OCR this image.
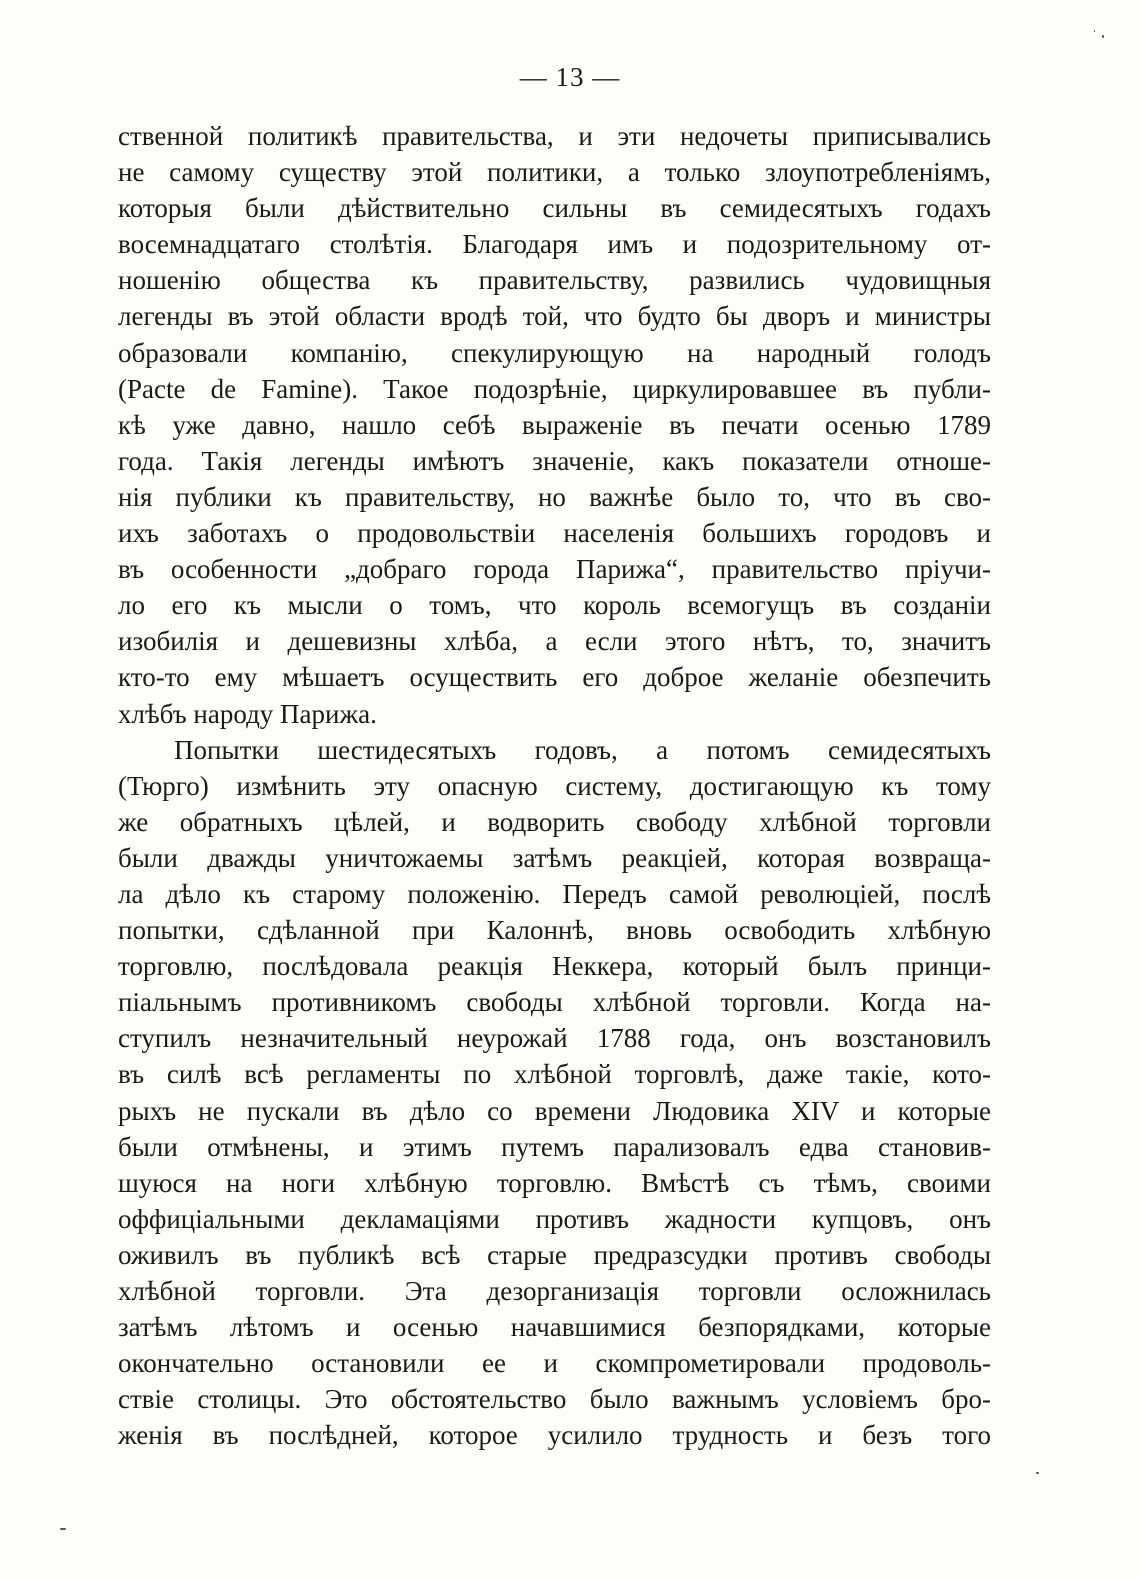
— 13 —
ственной политикѣ правительства, и эти недочеты приписывались
не самому существу этой политики, а только злоупотребленіямъ,
которыя были дѣйствительно сильны въ семидесятыхъ годахъ
восемнадцатаго столѣтія. Благодаря имъ и подозрительному от-
ношенію общества къ правительству, развились чудовищныя
легенды въ этой области вродѣ той, что будто бы дворъ и министры
образовали компанію, спекулирующую на народный голодъ
(Pacte de Famine). Такое подозрѣніе, циркулировавшее въ публи-
кѣ уже давно, нашло себѣ выраженіе въ печати осенью 1789
года. Такія легенды имѣютъ значеніе, какъ показатели отноше-
нія публики къ правительству, но важнѣе было то, что въ сво-
ихъ заботахъ о продовольствіи населенія большихъ городовъ и
въ особенности „добраго города Парижа“, правительство пріучи-
ло его къ мысли о томъ, что король всемогущъ въ созданіи
изобилія и дешевизны хлѣба, а если этого нѣтъ, то, значитъ
кто-то ему мѣшаетъ осуществить его доброе желаніе обезпечить
хлѣбъ народу Парижа.
Попытки шестидесятыхъ годовъ, а потомъ семидесятыхъ
(Тюрго) измѣнить эту опасную систему, достигающую къ тому
же обратныхъ цѣлей, и водворить свободу хлѣбной торговли
были дважды уничтожаемы затѣмъ реакціей, которая возвраща-
ла дѣло къ старому положенію. Передъ самой революціей, послѣ
попытки, сдѣланной при Калоннѣ, вновь освободить хлѣбную
торговлю, послѣдовала реакція Неккера, который былъ принци-
піальнымъ противникомъ свободы хлѣбной торговли. Когда на-
ступилъ незначительный неурожай 1788 года, онъ возстановилъ
въ силѣ всѣ регламенты по хлѣбной торговлѣ, даже такіе, кото-
рыхъ не пускали въ дѣло со времени Людовика XIV и которые
были отмѣнены, и этимъ путемъ парализовалъ едва становив-
шуюся на ноги хлѣбную торговлю. Вмѣстѣ съ тѣмъ, своими
оффиціальными декламаціями противъ жадности купцовъ, онъ
оживилъ въ публикѣ всѣ старые предразсудки противъ свободы
хлѣбной торговли. Эта дезорганизація торговли осложнилась
затѣмъ лѣтомъ и осенью начавшимися безпорядками, которые
окончательно остановили ее и скомпрометировали продоволь-
ствіе столицы. Это обстоятельство было важнымъ условіемъ бро-
женія въ послѣдней, которое усилило трудность и безъ того
